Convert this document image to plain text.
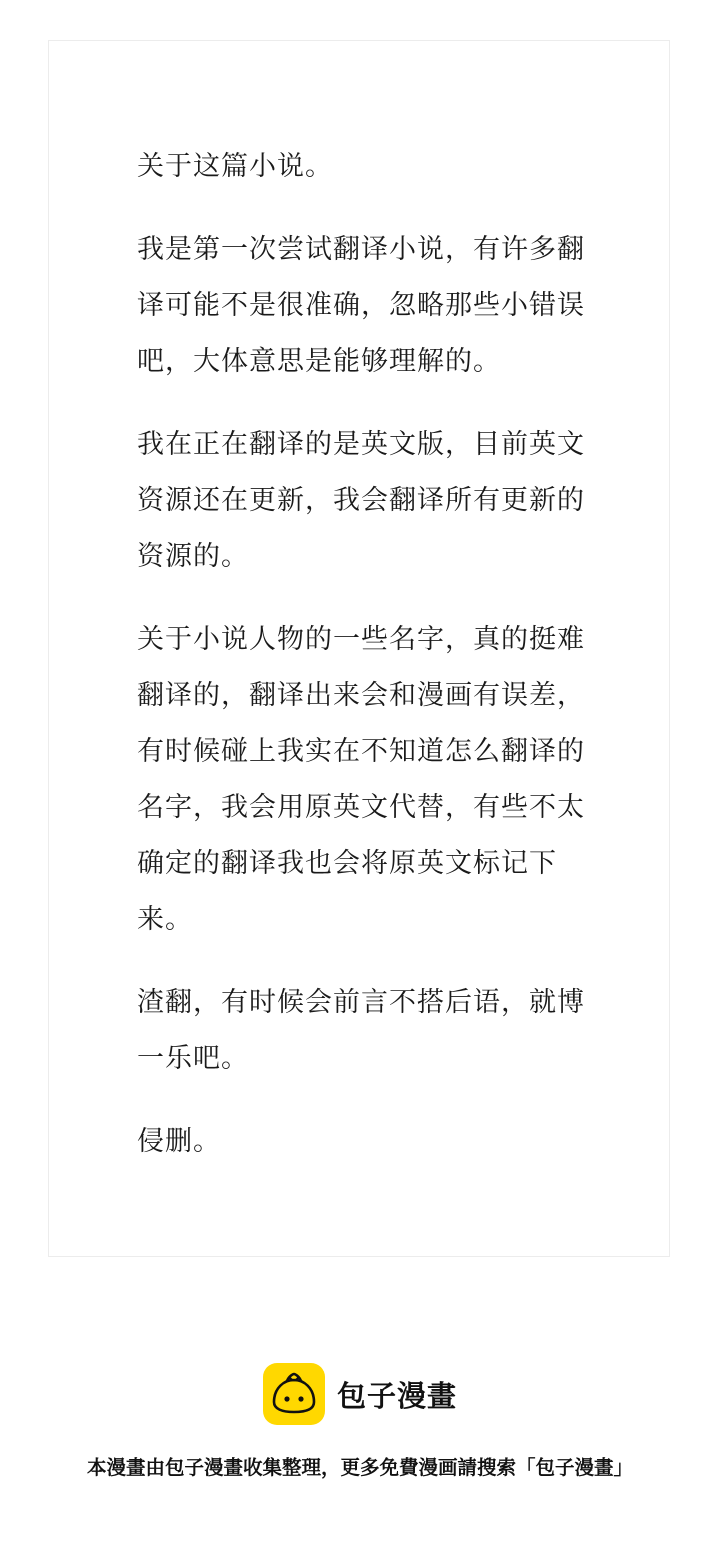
关于这篇小说。

我是第一次尝试翻译小说，有许多翻译可能不是很准确，忽略那些小错误吧，大体意思是能够理解的。

我在正在翻译的是英文版，目前英文资源还在更新，我会翻译所有更新的资源的。

关于小说人物的一些名字，真的挺难翻译的，翻译出来会和漫画有误差，有时候碰上我实在不知道怎么翻译的名字，我会用原英文代替，有些不太确定的翻译我也会将原英文标记下来。

渣翻，有时候会前言不搭后语，就博一乐吧。

侵删。

包子漫畫
本漫畫由包子漫畫收集整理，更多免費漫画請搜索「包子漫畫」
